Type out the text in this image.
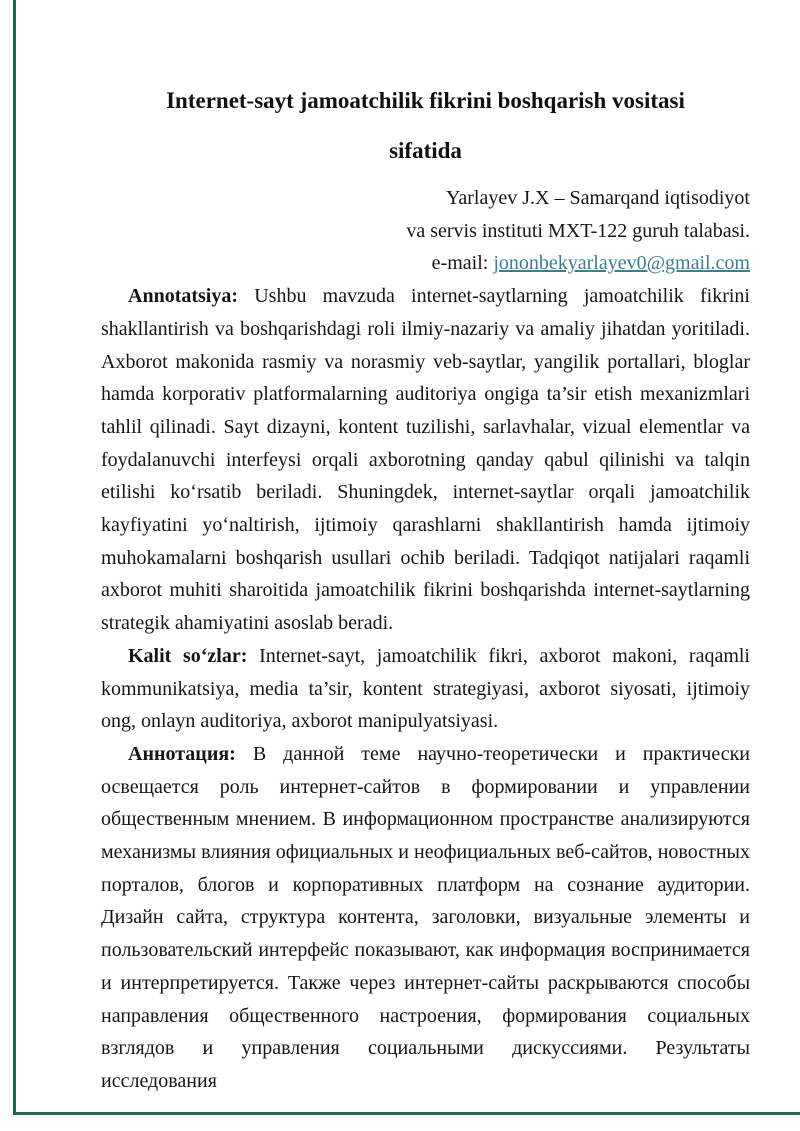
Internet-sayt jamoatchilik fikrini boshqarish vositasi
sifatida
Yarlayev J.X – Samarqand iqtisodiyot
va servis instituti MXT-122 guruh talabasi.
e-mail: jononbekyarlayev0@gmail.com

Annotatsiya: Ushbu mavzuda internet-saytlarning jamoatchilik fikrini shakllantirish va boshqarishdagi roli ilmiy-nazariy va amaliy jihatdan yoritiladi. Axborot makonida rasmiy va norasmiy veb-saytlar, yangilik portallari, bloglar hamda korporativ platformalarning auditoriya ongiga ta’sir etish mexanizmlari tahlil qilinadi. Sayt dizayni, kontent tuzilishi, sarlavhalar, vizual elementlar va foydalanuvchi interfeysi orqali axborotning qanday qabul qilinishi va talqin etilishi koʻrsatib beriladi. Shuningdek, internet-saytlar orqali jamoatchilik kayfiyatini yoʻnaltirish, ijtimoiy qarashlarni shakllantirish hamda ijtimoiy muhokamalarni boshqarish usullari ochib beriladi. Tadqiqot natijalari raqamli axborot muhiti sharoitida jamoatchilik fikrini boshqarishda internet-saytlarning strategik ahamiyatini asoslab beradi.

Kalit soʻzlar: Internet-sayt, jamoatchilik fikri, axborot makoni, raqamli kommunikatsiya, media ta’sir, kontent strategiyasi, axborot siyosati, ijtimoiy ong, onlayn auditoriya, axborot manipulyatsiyasi.

Аннотация: В данной теме научно-теоретически и практически освещается роль интернет-сайтов в формировании и управлении общественным мнением. В информационном пространстве анализируются механизмы влияния официальных и неофициальных веб-сайтов, новостных порталов, блогов и корпоративных платформ на сознание аудитории. Дизайн сайта, структура контента, заголовки, визуальные элементы и пользовательский интерфейс показывают, как информация воспринимается и интерпретируется. Также через интернет-сайты раскрываются способы направления общественного настроения, формирования социальных взглядов и управления социальными дискуссиями. Результаты исследования
